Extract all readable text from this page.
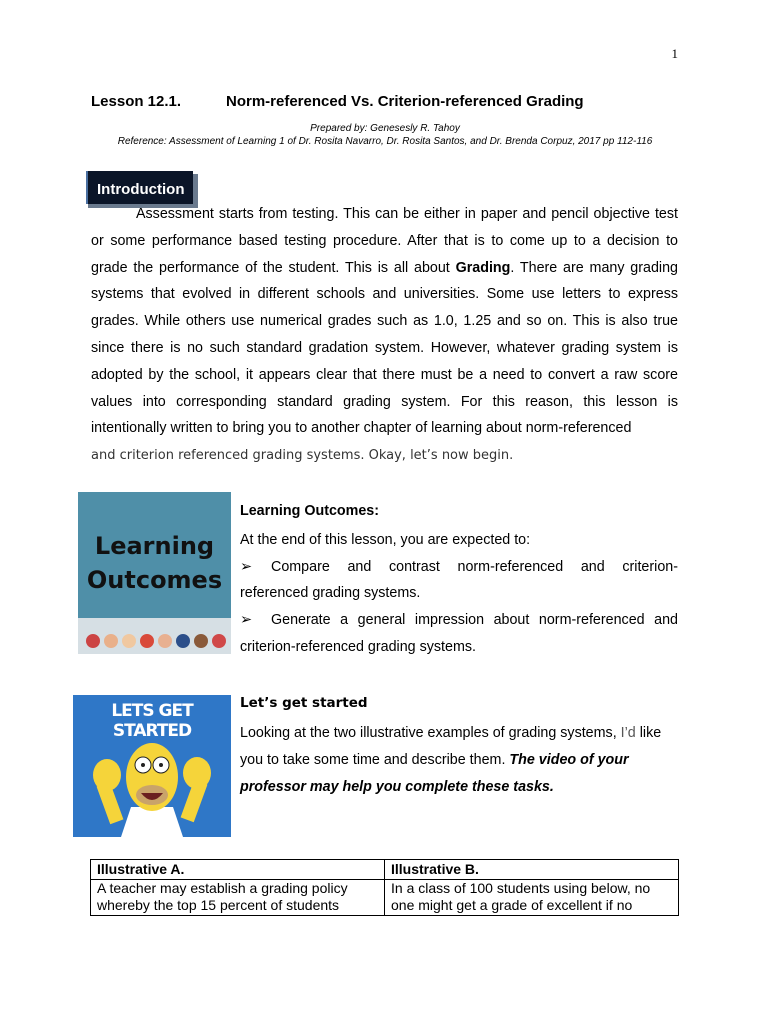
1
Lesson 12.1.	Norm-referenced Vs. Criterion-referenced Grading
Prepared by: Genesesly R. Tahoy
Reference: Assessment of Learning 1 of Dr. Rosita Navarro, Dr. Rosita Santos, and Dr. Brenda Corpuz, 2017 pp 112-116
Introduction
Assessment starts from testing. This can be either in paper and pencil objective test or some performance based testing procedure. After that is to come up to a decision to grade the performance of the student. This is all about Grading. There are many grading systems that evolved in different schools and universities. Some use letters to express grades. While others use numerical grades such as 1.0, 1.25 and so on. This is also true since there is no such standard gradation system. However, whatever grading system is adopted by the school, it appears clear that there must be a need to convert a raw score values into corresponding standard grading system. For this reason, this lesson is intentionally written to bring you to another chapter of learning about norm-referenced
and criterion referenced grading systems. Okay, let’s now begin.
Learning
Outcomes
Learning Outcomes:
At the end of this lesson, you are expected to:
➢	Compare and contrast norm-referenced and criterion-
referenced grading systems.
➢	Generate a general impression about norm-referenced and
criterion-referenced grading systems.
LETS GET STARTED
Let’s get started
Looking at the two illustrative examples of grading systems, I’d like you to take some time and describe them. The video of your professor may help you complete these tasks.
Illustrative A.	Illustrative B.
A teacher may establish a grading policy whereby the top 15 percent of students	In a class of 100 students using below, no one might get a grade of excellent if no
